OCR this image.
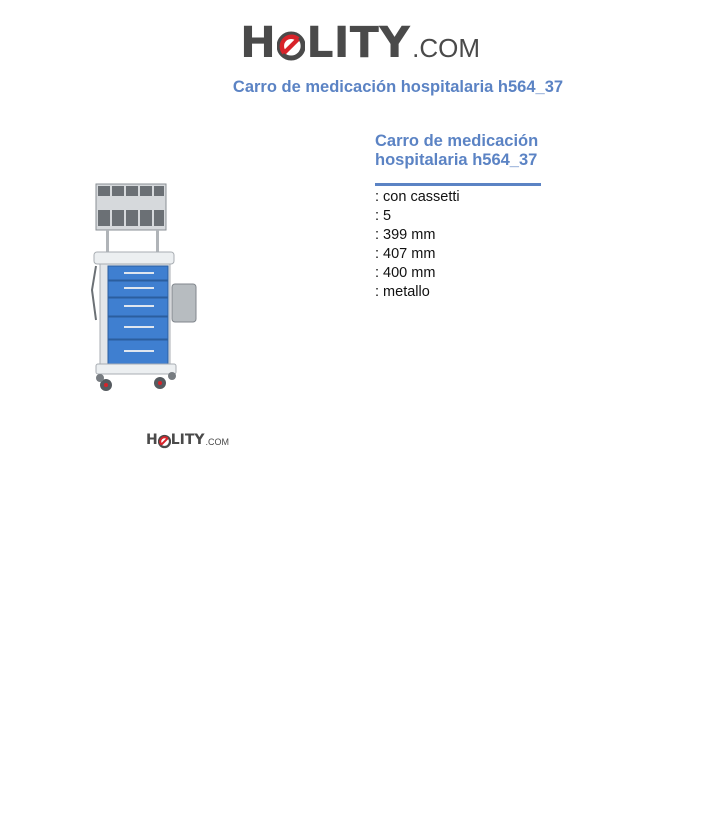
H LITY .COM
Carro de medicación hospitalaria h564_37
H LITY .COM
Carro de medicación hospitalaria h564_37
: con cassetti
: 5
: 399 mm
: 407 mm
: 400 mm
: metallo
